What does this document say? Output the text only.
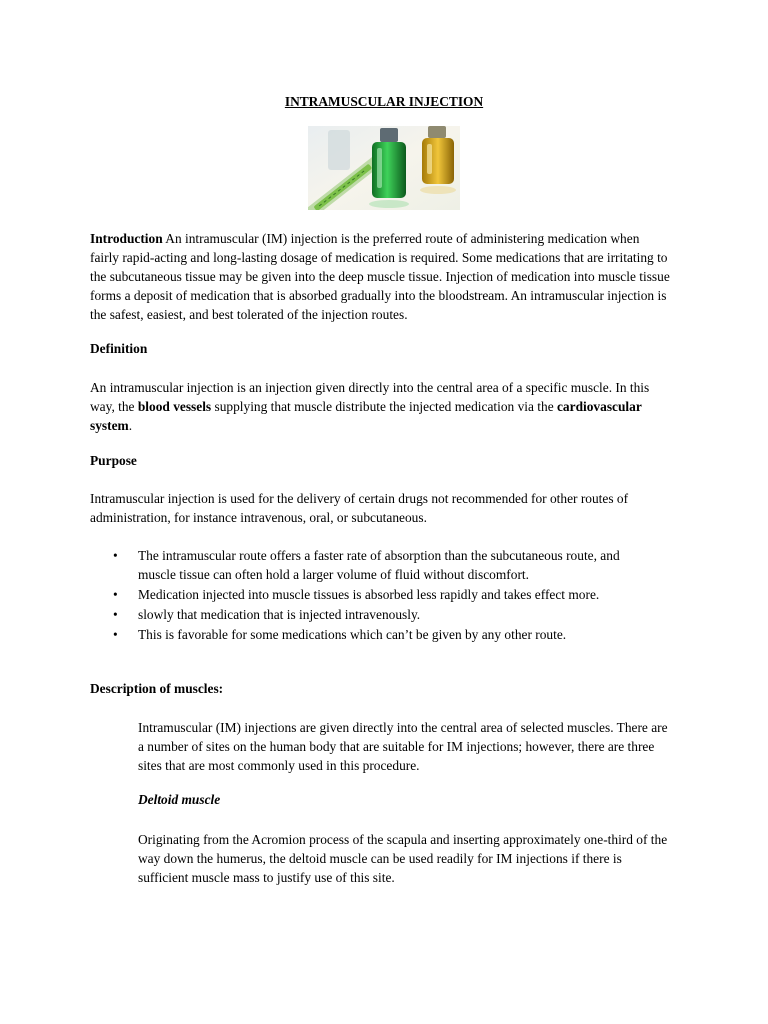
INTRAMUSCULAR INJECTION

Introduction An intramuscular (IM) injection is the preferred route of administering medication when fairly rapid-acting and long-lasting dosage of medication is required. Some medications that are irritating to the subcutaneous tissue may be given into the deep muscle tissue. Injection of medication into muscle tissue forms a deposit of medication that is absorbed gradually into the bloodstream. An intramuscular injection is the safest, easiest, and best tolerated of the injection routes.

Definition

An intramuscular injection is an injection given directly into the central area of a specific muscle. In this way, the blood vessels supplying that muscle distribute the injected medication via the cardiovascular system.

Purpose

Intramuscular injection is used for the delivery of certain drugs not recommended for other routes of administration, for instance intravenous, oral, or subcutaneous.

• The intramuscular route offers a faster rate of absorption than the subcutaneous route, and muscle tissue can often hold a larger volume of fluid without discomfort.
• Medication injected into muscle tissues is absorbed less rapidly and takes effect more.
• slowly that medication that is injected intravenously.
• This is favorable for some medications which can’t be given by any other route.
Description of muscles:

Intramuscular (IM) injections are given directly into the central area of selected muscles. There are a number of sites on the human body that are suitable for IM injections; however, there are three sites that are most commonly used in this procedure.

Deltoid muscle

Originating from the Acromion process of the scapula and inserting approximately one-third of the way down the humerus, the deltoid muscle can be used readily for IM injections if there is sufficient muscle mass to justify use of this site.
